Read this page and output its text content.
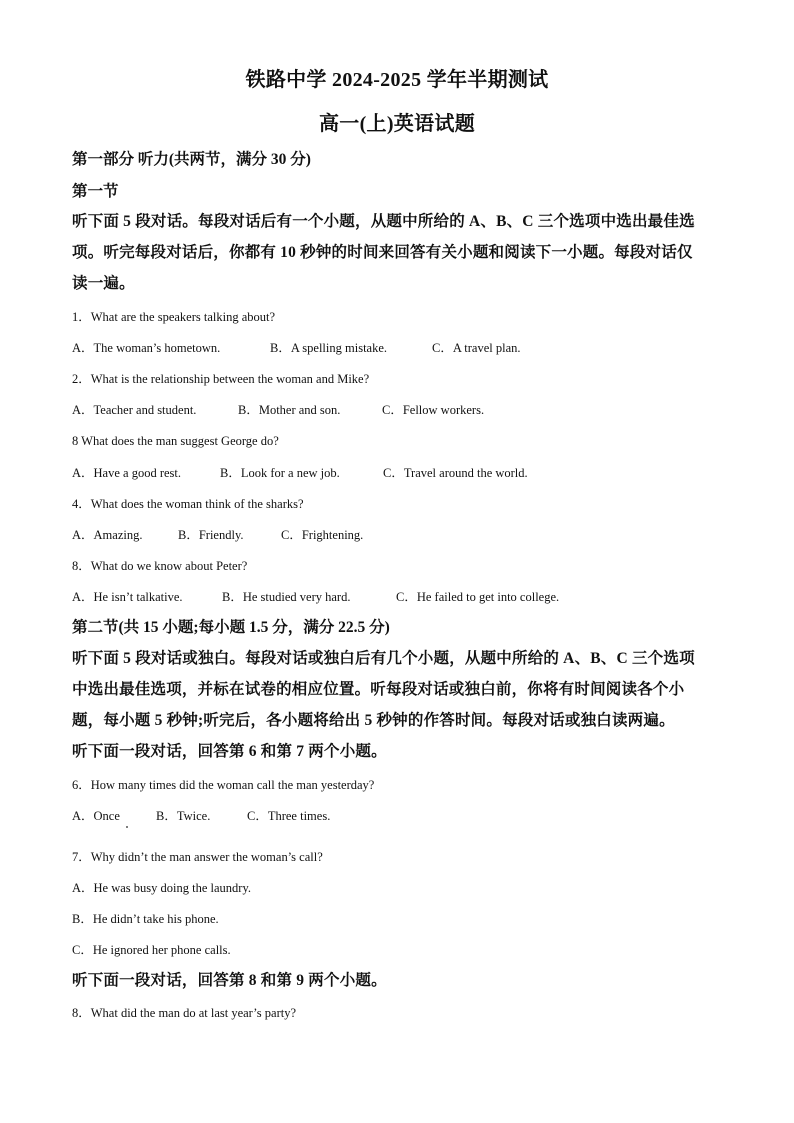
铁路中学 2024-2025 学年半期测试
高一(上)英语试题
第一部分 听力(共两节，满分 30 分)
第一节
听下面 5 段对话。每段对话后有一个小题，从题中所给的 A、B、C 三个选项中选出最佳选
项。听完每段对话后，你都有 10 秒钟的时间来回答有关小题和阅读下一小题。每段对话仅
读一遍。
1．What are the speakers talking about?
A．The woman’s hometown.	B．A spelling mistake.	C．A travel plan.
2．What is the relationship between the woman and Mike?
A．Teacher and student.	B．Mother and son.	C．Fellow workers.
8 What does the man suggest George do?
A．Have a good rest.	B．Look for a new job.	C．Travel around the world.
4．What does the woman think of the sharks?
A．Amazing.	B．Friendly.	C．Frightening.
8．What do we know about Peter?
A．He isn’t talkative.	B．He studied very hard.	C．He failed to get into college.
第二节(共 15 小题;每小题 1.5 分，满分 22.5 分)
听下面 5 段对话或独白。每段对话或独白后有几个小题，从题中所给的 A、B、C 三个选项
中选出最佳选项，并标在试卷的相应位置。听每段对话或独白前，你将有时间阅读各个小
题，每小题 5 秒钟;听完后，各小题将给出 5 秒钟的作答时间。每段对话或独白读两遍。
听下面一段对话，回答第 6 和第 7 两个小题。
6．How many times did the woman call the man yesterday?
A．Once	B．Twice.	C．Three times.
7．Why didn’t the man answer the woman’s call?
A．He was busy doing the laundry.
B．He didn’t take his phone.
C．He ignored her phone calls.
听下面一段对话，回答第 8 和第 9 两个小题。
8．What did the man do at last year’s party?
